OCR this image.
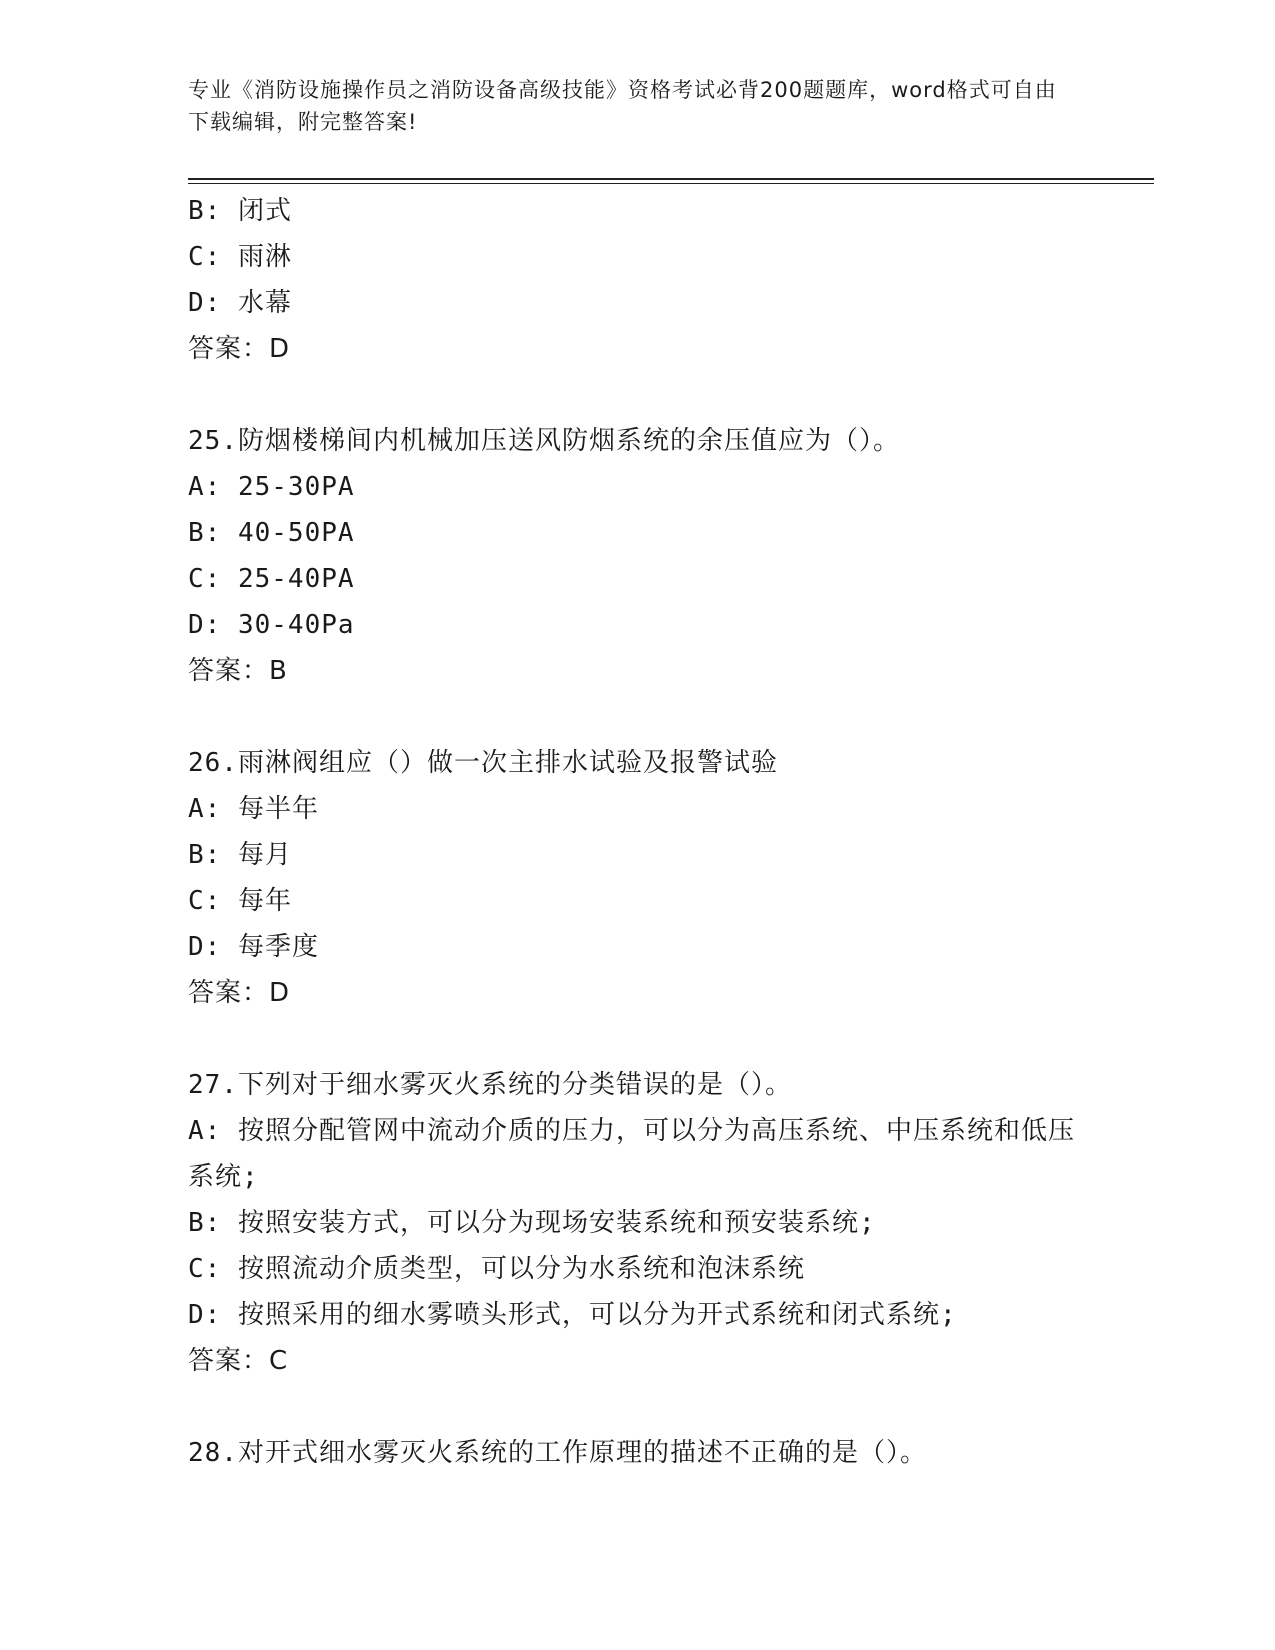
专业《消防设施操作员之消防设备高级技能》资格考试必背200题题库，word格式可自由下载编辑，附完整答案!
B: 闭式
C: 雨淋
D: 水幕
答案：D
25.防烟楼梯间内机械加压送风防烟系统的余压值应为（）。
A: 25-30PA
B: 40-50PA
C: 25-40PA
D: 30-40Pa
答案：B
26.雨淋阀组应（）做一次主排水试验及报警试验
A: 每半年
B: 每月
C: 每年
D: 每季度
答案：D
27.下列对于细水雾灭火系统的分类错误的是（）。
A: 按照分配管网中流动介质的压力，可以分为高压系统、中压系统和低压系统;
B: 按照安装方式，可以分为现场安装系统和预安装系统;
C: 按照流动介质类型，可以分为水系统和泡沫系统
D: 按照采用的细水雾喷头形式，可以分为开式系统和闭式系统;
答案：C
28.对开式细水雾灭火系统的工作原理的描述不正确的是（）。
